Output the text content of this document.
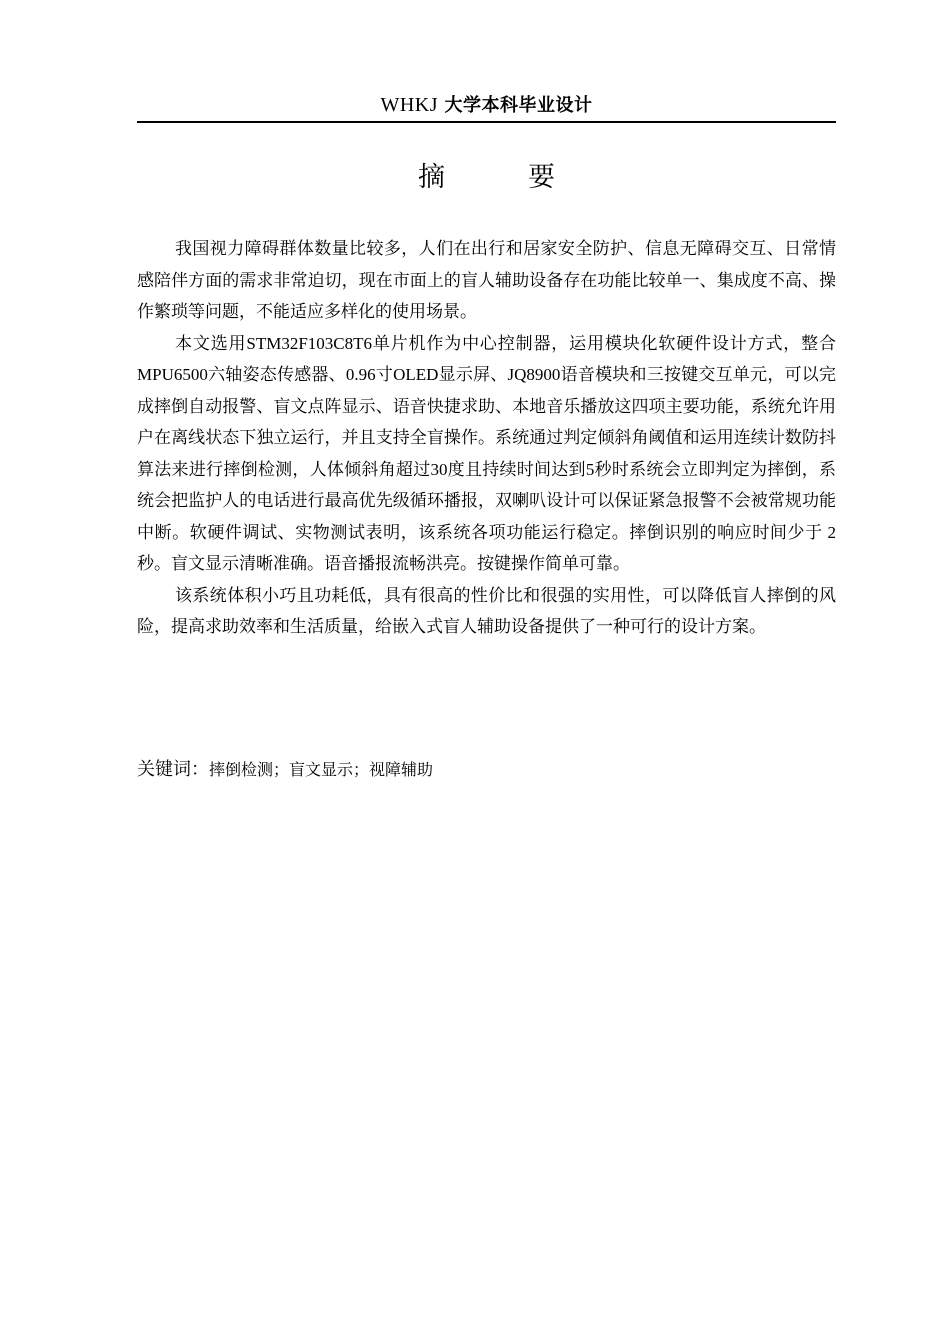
WHKJ 大学本科毕业设计
摘　要

我国视力障碍群体数量比较多，人们在出行和居家安全防护、信息无障碍交互、日常情感陪伴方面的需求非常迫切，现在市面上的盲人辅助设备存在功能比较单一、集成度不高、操作繁琐等问题，不能适应多样化的使用场景。

本文选用STM32F103C8T6单片机作为中心控制器，运用模块化软硬件设计方式，整合MPU6500六轴姿态传感器、0.96寸OLED显示屏、JQ8900语音模块和三按键交互单元，可以完成摔倒自动报警、盲文点阵显示、语音快捷求助、本地音乐播放这四项主要功能，系统允许用户在离线状态下独立运行，并且支持全盲操作。系统通过判定倾斜角阈值和运用连续计数防抖算法来进行摔倒检测，人体倾斜角超过30度且持续时间达到5秒时系统会立即判定为摔倒，系统会把监护人的电话进行最高优先级循环播报，双喇叭设计可以保证紧急报警不会被常规功能中断。软硬件调试、实物测试表明，该系统各项功能运行稳定。摔倒识别的响应时间少于 2 秒。盲文显示清晰准确。语音播报流畅洪亮。按键操作简单可靠。

该系统体积小巧且功耗低，具有很高的性价比和很强的实用性，可以降低盲人摔倒的风险，提高求助效率和生活质量，给嵌入式盲人辅助设备提供了一种可行的设计方案。

关键词：摔倒检测；盲文显示；视障辅助
